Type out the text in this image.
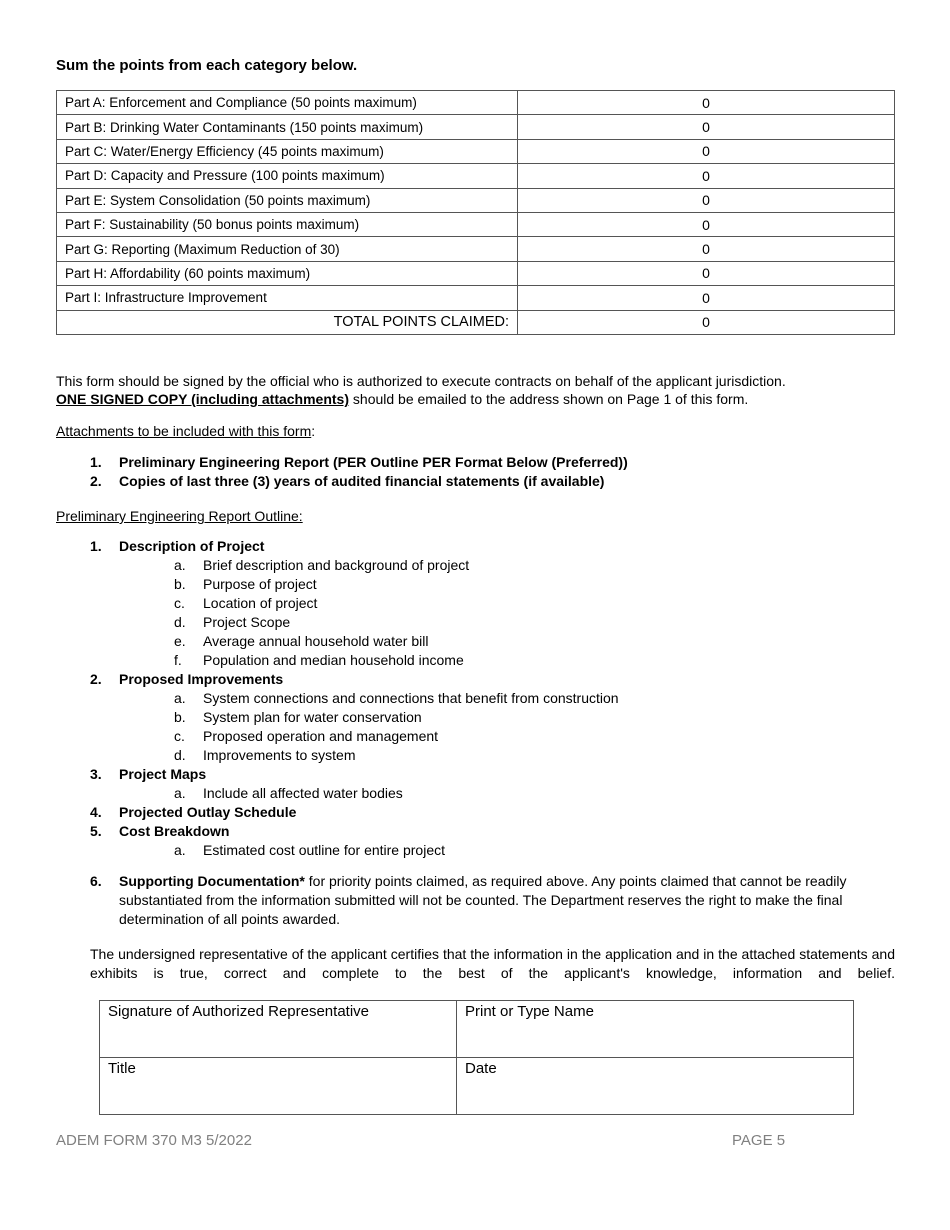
Sum the points from each category below.
Part A: Enforcement and Compliance (50 points maximum)	0
Part B: Drinking Water Contaminants (150 points maximum)	0
Part C: Water/Energy Efficiency (45 points maximum)	0
Part D: Capacity and Pressure (100 points maximum)	0
Part E: System Consolidation (50 points maximum)	0
Part F: Sustainability (50 bonus points maximum)	0
Part G: Reporting (Maximum Reduction of 30)	0
Part H: Affordability (60 points maximum)	0
Part I: Infrastructure Improvement	0
TOTAL POINTS CLAIMED:	0
This form should be signed by the official who is authorized to execute contracts on behalf of the applicant jurisdiction.
ONE SIGNED COPY (including attachments) should be emailed to the address shown on Page 1 of this form.
Attachments to be included with this form:
1. Preliminary Engineering Report (PER Outline PER Format Below (Preferred))
2. Copies of last three (3) years of audited financial statements (if available)
Preliminary Engineering Report Outline:
1. Description of Project
a. Brief description and background of project
b. Purpose of project
c. Location of project
d. Project Scope
e. Average annual household water bill
f. Population and median household income
2. Proposed Improvements
a. System connections and connections that benefit from construction
b. System plan for water conservation
c. Proposed operation and management
d. Improvements to system
3. Project Maps
a. Include all affected water bodies
4. Projected Outlay Schedule
5. Cost Breakdown
a. Estimated cost outline for entire project
6. Supporting Documentation* for priority points claimed, as required above. Any points claimed that cannot be readily substantiated from the information submitted will not be counted. The Department reserves the right to make the final determination of all points awarded.
The undersigned representative of the applicant certifies that the information in the application and in the attached statements and exhibits is true, correct and complete to the best of the applicant's knowledge, information and belief.
Signature of Authorized Representative	Print or Type Name
Title	Date
ADEM FORM 370 M3 5/2022	PAGE 5
